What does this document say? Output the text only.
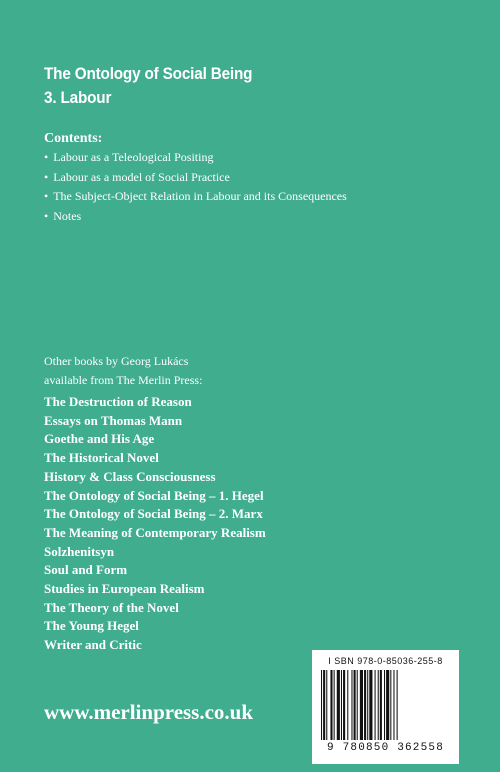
The Ontology of Social Being
3. Labour
Contents:
• Labour as a Teleological Positing
• Labour as a model of Social Practice
• The Subject-Object Relation in Labour and its Consequences
• Notes
Other books by Georg Lukács
available from The Merlin Press:
The Destruction of Reason
Essays on Thomas Mann
Goethe and His Age
The Historical Novel
History & Class Consciousness
The Ontology of Social Being – 1. Hegel
The Ontology of Social Being – 2. Marx
The Meaning of Contemporary Realism
Solzhenitsyn
Soul and Form
Studies in European Realism
The Theory of the Novel
The Young Hegel
Writer and Critic
www.merlinpress.co.uk
I SBN 978-0-85036-255-8
9 780850 362558
